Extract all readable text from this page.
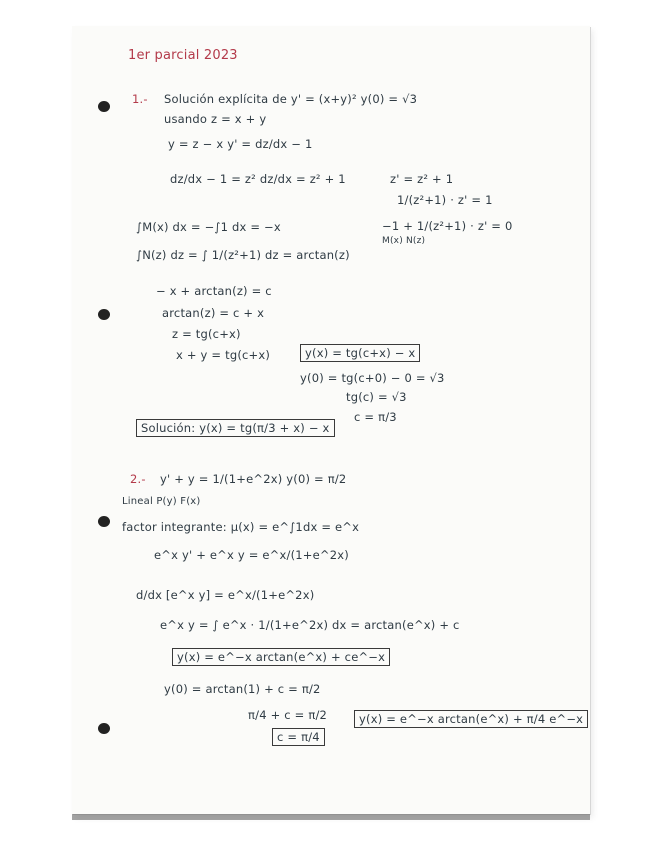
1er parcial 2023
1.- Solución explícita de y' = (x+y)² y(0) = √3
usando z = x + y
y = z − x y' = dz/dx − 1
dz/dx − 1 = z² dz/dx = z² + 1	z' = z² + 1
1/(z²+1) · z' = 1
−1 + 1/(z²+1) · z' = 0
M(x) N(z)
∫M(x) dx = −∫1 dx = −x
∫N(z) dz = ∫ 1/(z²+1) dz = arctan(z)
− x + arctan(z) = c
arctan(z) = c + x
z = tg(c+x)
x + y = tg(c+x)	y(x) = tg(c+x) − x
y(0) = tg(c+0) − 0 = √3
tg(c) = √3
c = π/3
Solución: y(x) = tg(π/3 + x) − x
2.- y' + y = 1/(1+e^2x) y(0) = π/2
Lineal P(y) F(x)
factor integrante: μ(x) = e^∫1dx = e^x
e^x y' + e^x y = e^x/(1+e^2x)
d/dx [e^x y] = e^x/(1+e^2x)
e^x y = ∫ e^x · 1/(1+e^2x) dx = arctan(e^x) + c
y(x) = e^−x arctan(e^x) + ce^−x
y(0) = arctan(1) + c = π/2
π/4 + c = π/2
c = π/4
y(x) = e^−x arctan(e^x) + π/4 e^−x
